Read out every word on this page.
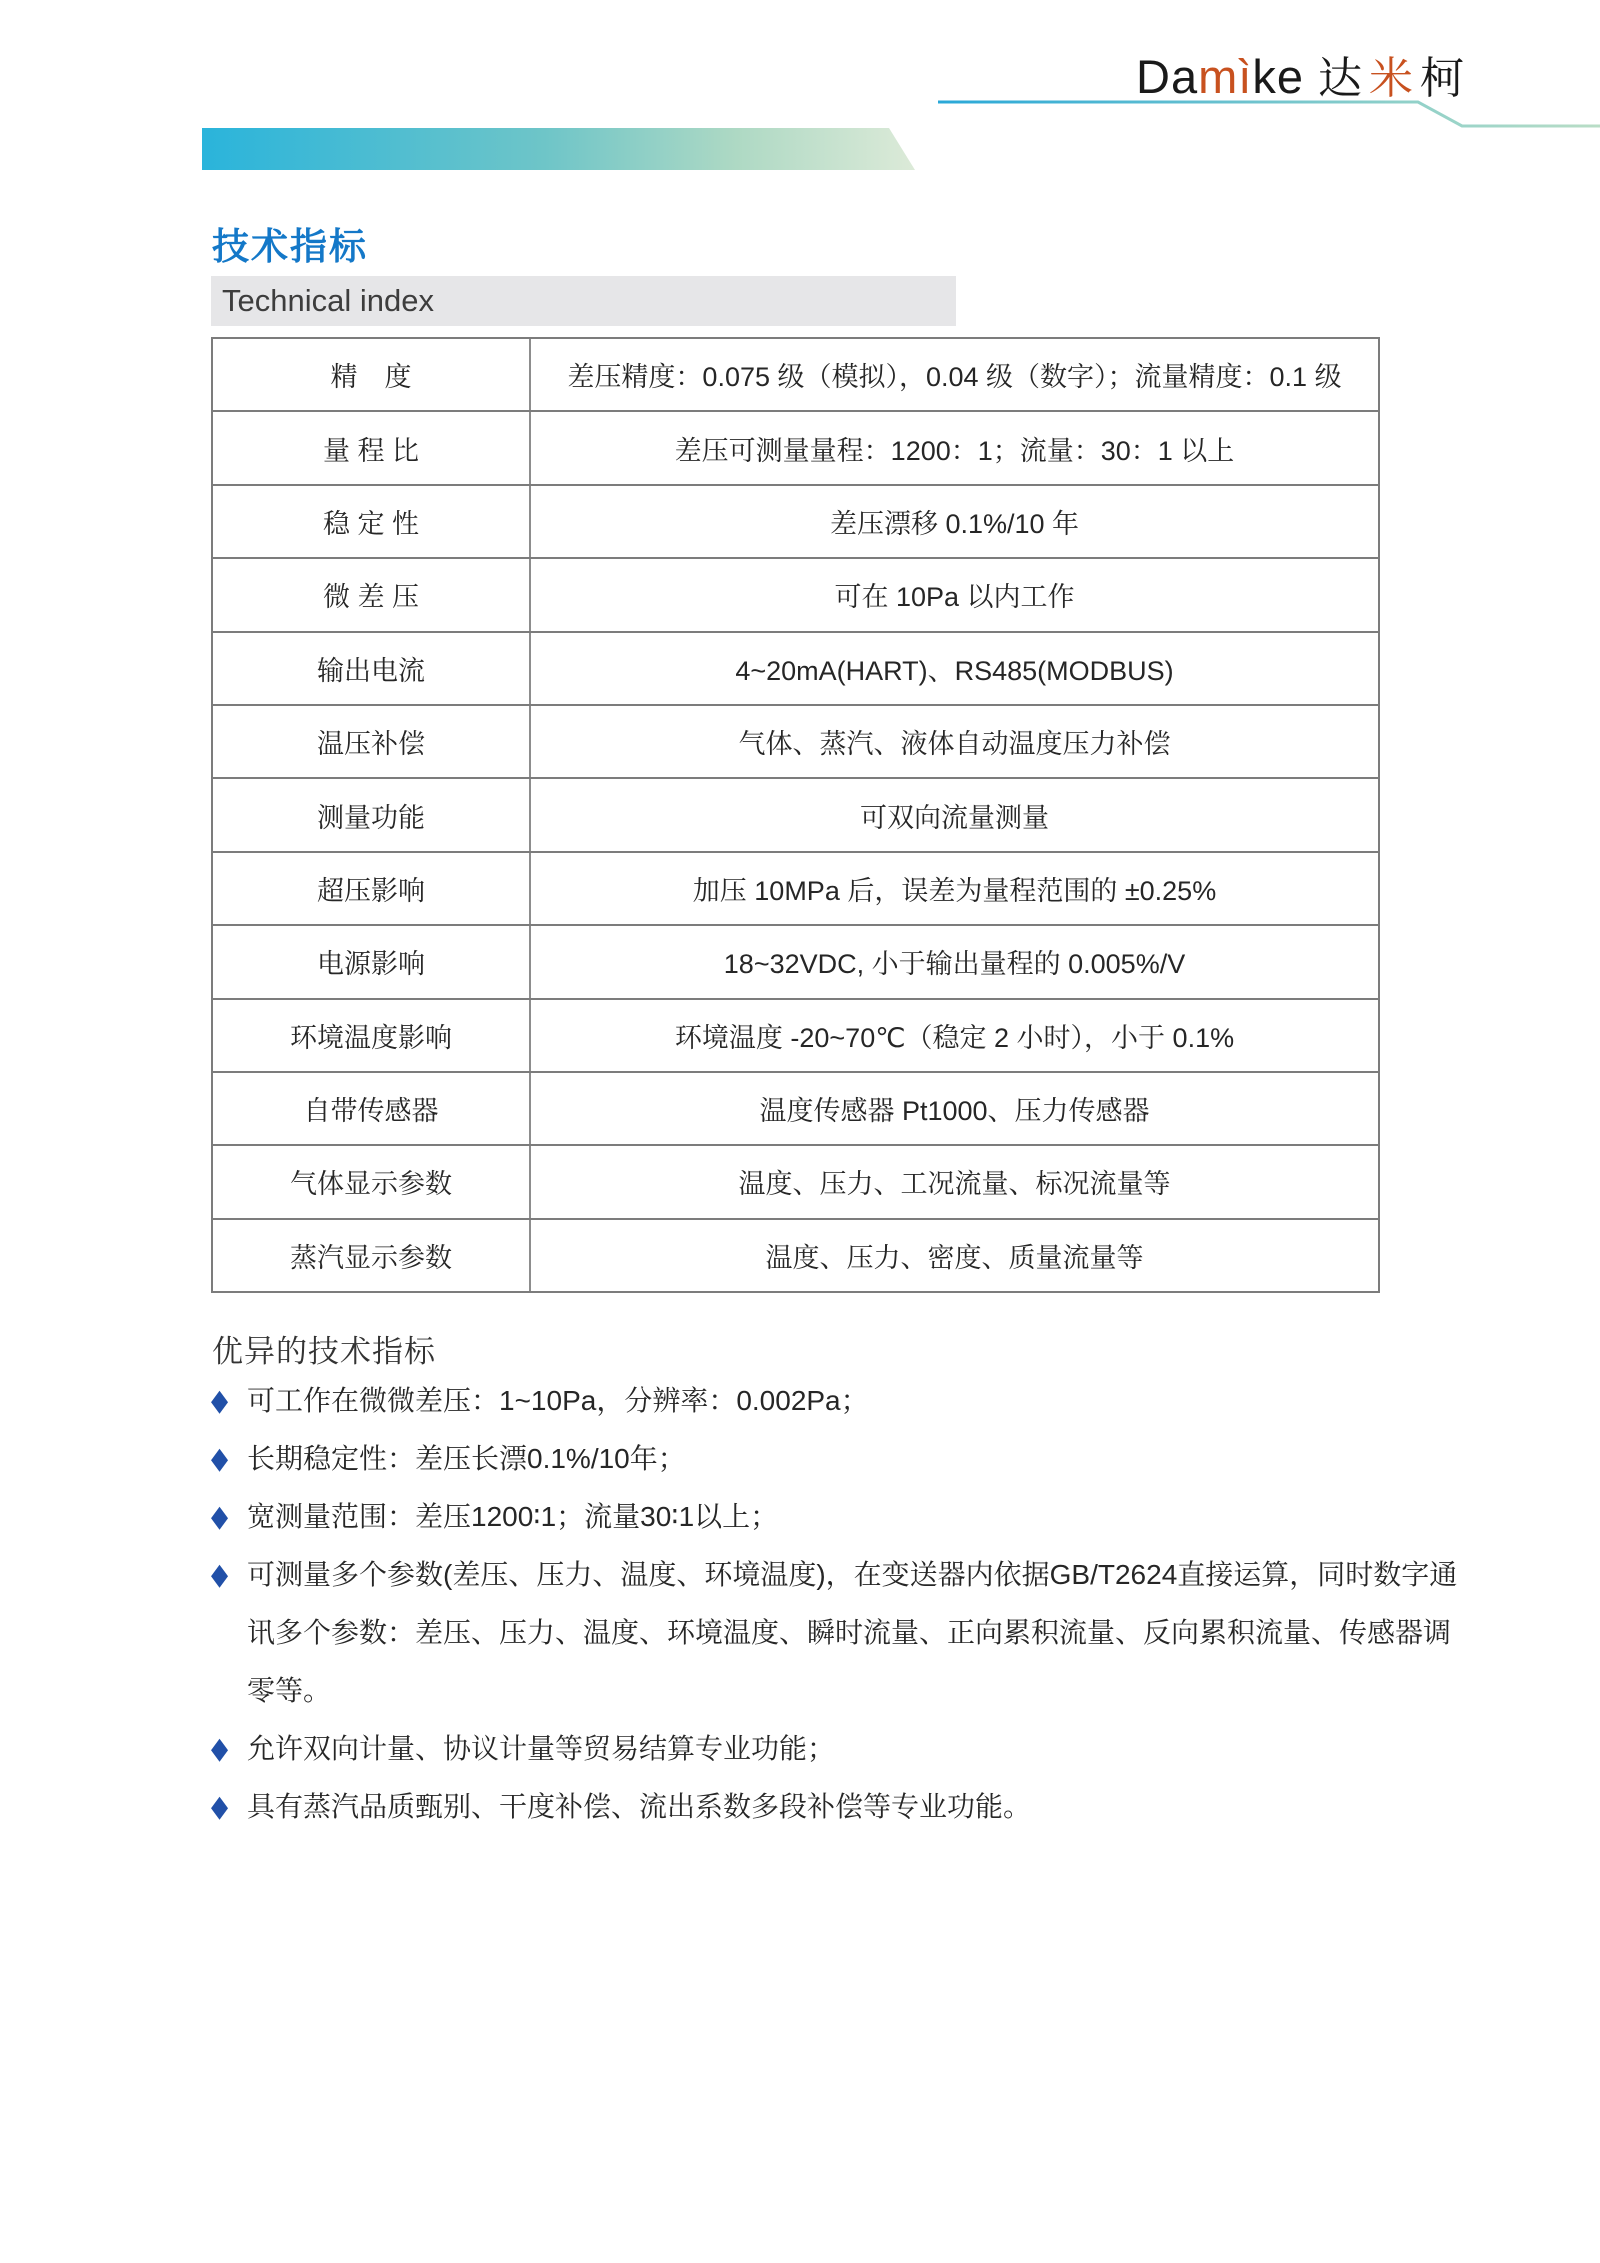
Damìke 达米柯
技术指标
Technical index
精　度	差压精度：0.075 级（模拟），0.04 级（数字）；流量精度：0.1 级
量 程 比	差压可测量量程：1200：1；流量：30：1 以上
稳 定 性	差压漂移 0.1%/10 年
微 差 压	可在 10Pa 以内工作
输出电流	4~20mA(HART)、RS485(MODBUS)
温压补偿	气体、蒸汽、液体自动温度压力补偿
测量功能	可双向流量测量
超压影响	加压 10MPa 后，误差为量程范围的 ±0.25%
电源影响	18~32VDC, 小于输出量程的 0.005%/V
环境温度影响	环境温度 -20~70℃（稳定 2 小时），小于 0.1%
自带传感器	温度传感器 Pt1000、压力传感器
气体显示参数	温度、压力、工况流量、标况流量等
蒸汽显示参数	温度、压力、密度、质量流量等
优异的技术指标
◆ 可工作在微微差压：1~10Pa，分辨率：0.002Pa；
◆ 长期稳定性：差压长漂0.1%/10年；
◆ 宽测量范围：差压1200∶1；流量30∶1以上；
◆ 可测量多个参数(差压、压力、温度、环境温度)，在变送器内依据GB/T2624直接运算，同时数字通讯多个参数：差压、压力、温度、环境温度、瞬时流量、正向累积流量、反向累积流量、传感器调零等。
◆ 允许双向计量、协议计量等贸易结算专业功能；
◆ 具有蒸汽品质甄别、干度补偿、流出系数多段补偿等专业功能。
